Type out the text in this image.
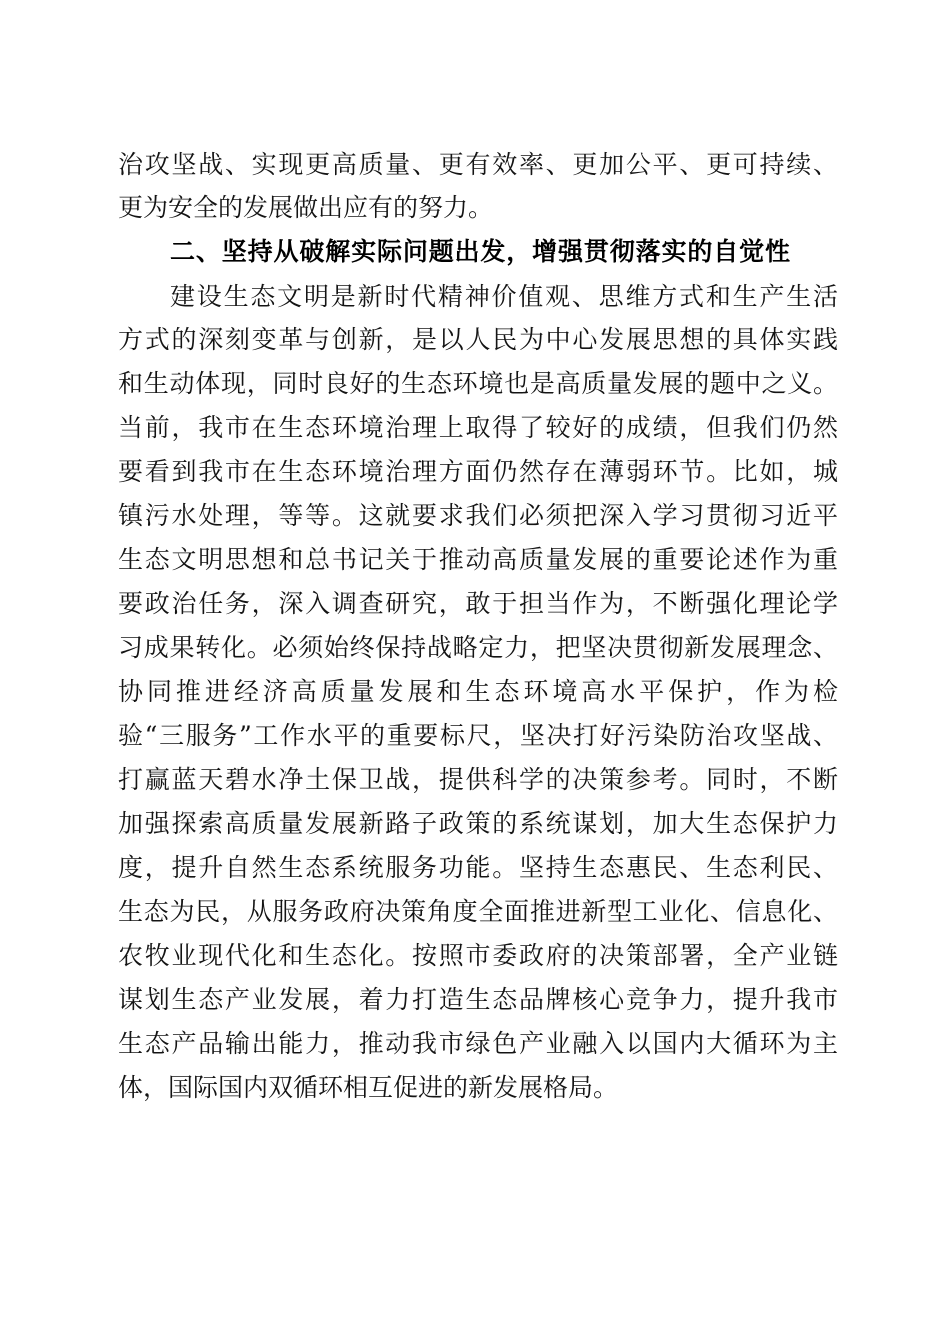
治攻坚战、实现更高质量、更有效率、更加公平、更可持续、
更为安全的发展做出应有的努力。
二、坚持从破解实际问题出发，增强贯彻落实的自觉性
建设生态文明是新时代精神价值观、思维方式和生产生活
方式的深刻变革与创新，是以人民为中心发展思想的具体实践
和生动体现，同时良好的生态环境也是高质量发展的题中之义。
当前，我市在生态环境治理上取得了较好的成绩，但我们仍然
要看到我市在生态环境治理方面仍然存在薄弱环节。比如，城
镇污水处理，等等。这就要求我们必须把深入学习贯彻习近平
生态文明思想和总书记关于推动高质量发展的重要论述作为重
要政治任务，深入调查研究，敢于担当作为，不断强化理论学
习成果转化。必须始终保持战略定力，把坚决贯彻新发展理念、
协同推进经济高质量发展和生态环境高水平保护，作为检
验“三服务”工作水平的重要标尺，坚决打好污染防治攻坚战、
打赢蓝天碧水净土保卫战，提供科学的决策参考。同时，不断
加强探索高质量发展新路子政策的系统谋划，加大生态保护力
度，提升自然生态系统服务功能。坚持生态惠民、生态利民、
生态为民，从服务政府决策角度全面推进新型工业化、信息化、
农牧业现代化和生态化。按照市委政府的决策部署，全产业链
谋划生态产业发展，着力打造生态品牌核心竞争力，提升我市
生态产品输出能力，推动我市绿色产业融入以国内大循环为主
体，国际国内双循环相互促进的新发展格局。
